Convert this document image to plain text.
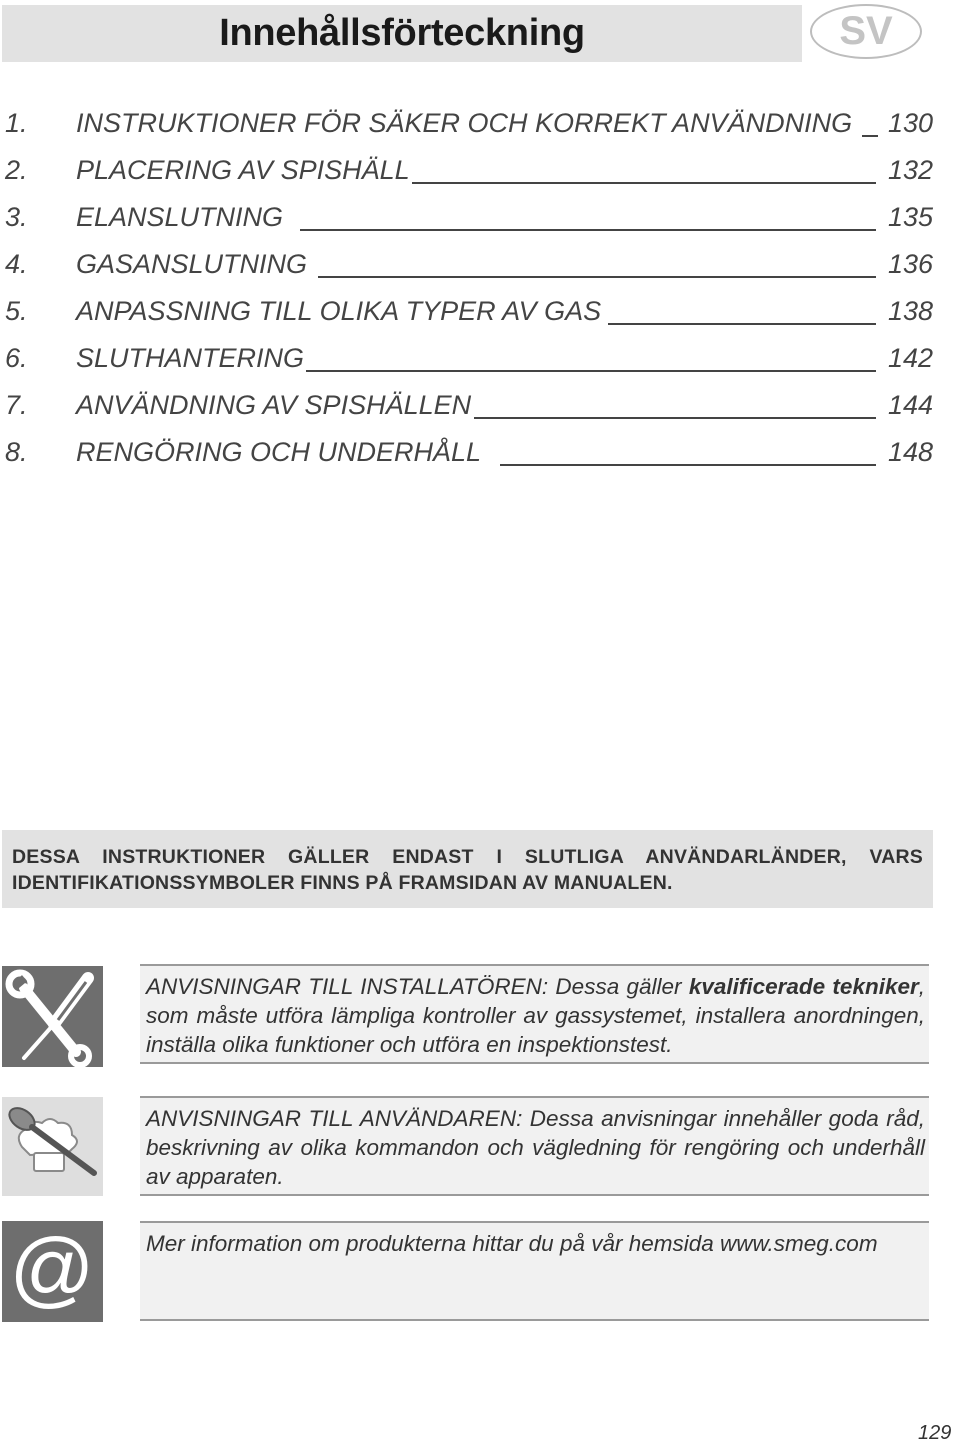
Innehållsförteckning	SV
1. INSTRUKTIONER FÖR SÄKER OCH KORREKT ANVÄNDNING 130
2. PLACERING AV SPISHÄLL	132
3. ELANSLUTNING	135
4. GASANSLUTNING	136
5. ANPASSNING TILL OLIKA TYPER AV GAS	138
6. SLUTHANTERING	142
7. ANVÄNDNING AV SPISHÄLLEN	144
8. RENGÖRING OCH UNDERHÅLL	148
DESSA INSTRUKTIONER GÄLLER ENDAST I SLUTLIGA ANVÄNDARLÄNDER, VARS IDENTIFIKATIONSSYMBOLER FINNS PÅ FRAMSIDAN AV MANUALEN.
ANVISNINGAR TILL INSTALLATÖREN: Dessa gäller kvalificerade tekniker, som måste utföra lämpliga kontroller av gassystemet, installera anordningen, inställa olika funktioner och utföra en inspektionstest.
ANVISNINGAR TILL ANVÄNDAREN: Dessa anvisningar innehåller goda råd, beskrivning av olika kommandon och vägledning för rengöring och underhåll av apparaten.
@ Mer information om produkterna hittar du på vår hemsida www.smeg.com
129
